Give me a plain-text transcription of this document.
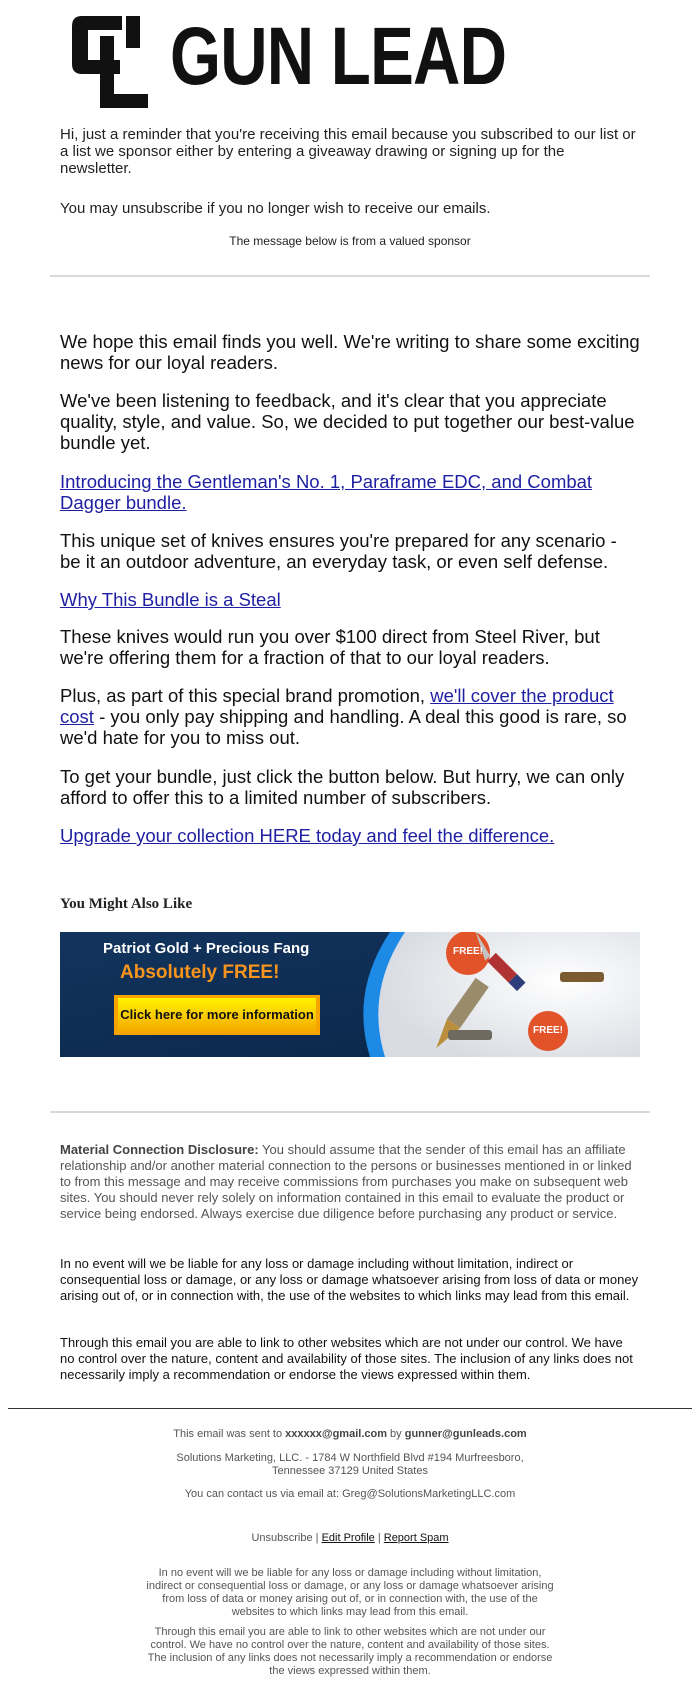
GUN LEAD

Hi, just a reminder that you're receiving this email because you subscribed to our list or a list we sponsor either by entering a giveaway drawing or signing up for the newsletter.

You may unsubscribe if you no longer wish to receive our emails.

The message below is from a valued sponsor

We hope this email finds you well. We're writing to share some exciting news for our loyal readers.

We've been listening to feedback, and it's clear that you appreciate quality, style, and value. So, we decided to put together our best-value bundle yet.

Introducing the Gentleman's No. 1, Paraframe EDC, and Combat Dagger bundle.

This unique set of knives ensures you're prepared for any scenario - be it an outdoor adventure, an everyday task, or even self defense.

Why This Bundle is a Steal

These knives would run you over $100 direct from Steel River, but we're offering them for a fraction of that to our loyal readers.

Plus, as part of this special brand promotion, we'll cover the product cost - you only pay shipping and handling. A deal this good is rare, so we'd hate for you to miss out.

To get your bundle, just click the button below. But hurry, we can only afford to offer this to a limited number of subscribers.

Upgrade your collection HERE today and feel the difference.

You Might Also Like
Patriot Gold + Precious Fang
Absolutely FREE!
Click here for more information
FREE!
FREE!

Material Connection Disclosure: You should assume that the sender of this email has an affiliate relationship and/or another material connection to the persons or businesses mentioned in or linked to from this message and may receive commissions from purchases you make on subsequent web sites. You should never rely solely on information contained in this email to evaluate the product or service being endorsed. Always exercise due diligence before purchasing any product or service.

In no event will we be liable for any loss or damage including without limitation, indirect or consequential loss or damage, or any loss or damage whatsoever arising from loss of data or money arising out of, or in connection with, the use of the websites to which links may lead from this email.

Through this email you are able to link to other websites which are not under our control. We have no control over the nature, content and availability of those sites. The inclusion of any links does not necessarily imply a recommendation or endorse the views expressed within them.

This email was sent to xxxxxx@gmail.com by gunner@gunleads.com
Solutions Marketing, LLC. - 1784 W Northfield Blvd #194 Murfreesboro, Tennessee 37129 United States
You can contact us via email at: Greg@SolutionsMarketingLLC.com
Unsubscribe | Edit Profile | Report Spam
In no event will we be liable for any loss or damage including without limitation, indirect or consequential loss or damage, or any loss or damage whatsoever arising from loss of data or money arising out of, or in connection with, the use of the websites to which links may lead from this email.
Through this email you are able to link to other websites which are not under our control. We have no control over the nature, content and availability of those sites. The inclusion of any links does not necessarily imply a recommendation or endorse the views expressed within them.
